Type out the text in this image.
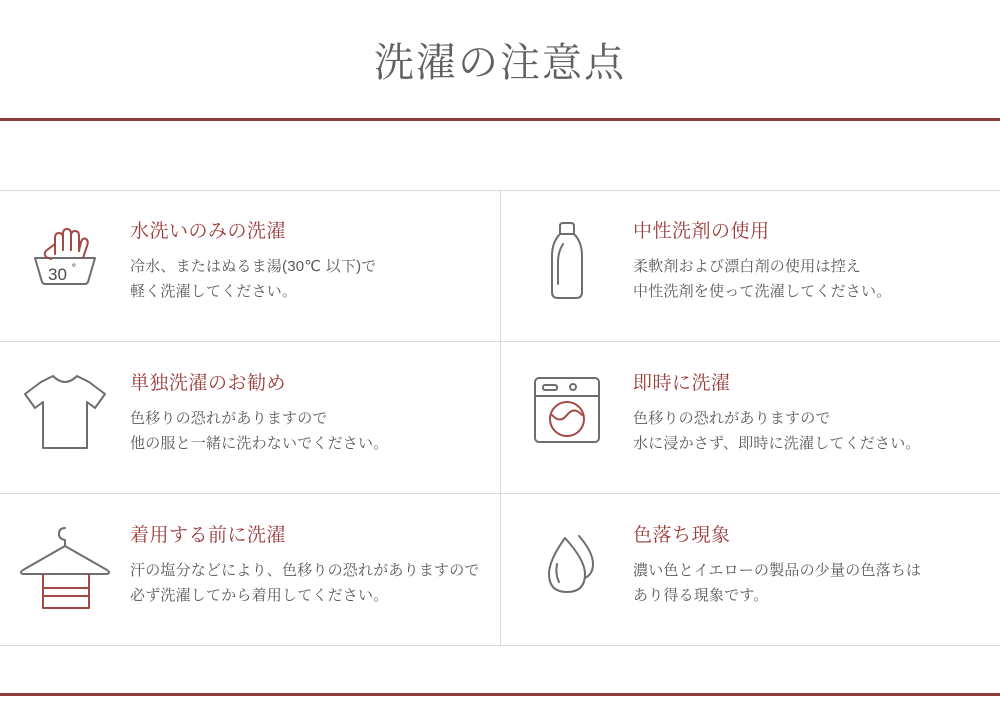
洗濯の注意点
30 ˚

水洗いのみの洗濯

冷水、またはぬるま湯(30℃ 以下)で
軽く洗濯してください。

中性洗剤の使用

柔軟剤および漂白剤の使用は控え
中性洗剤を使って洗濯してください。

単独洗濯のお勧め

色移りの恐れがありますので
他の服と一緒に洗わないでください。

即時に洗濯

色移りの恐れがありますので
水に浸かさず、即時に洗濯してください。

着用する前に洗濯

汗の塩分などにより、色移りの恐れがありますので
必ず洗濯してから着用してください。

色落ち現象

濃い色とイエローの製品の少量の色落ちは
あり得る現象です。
